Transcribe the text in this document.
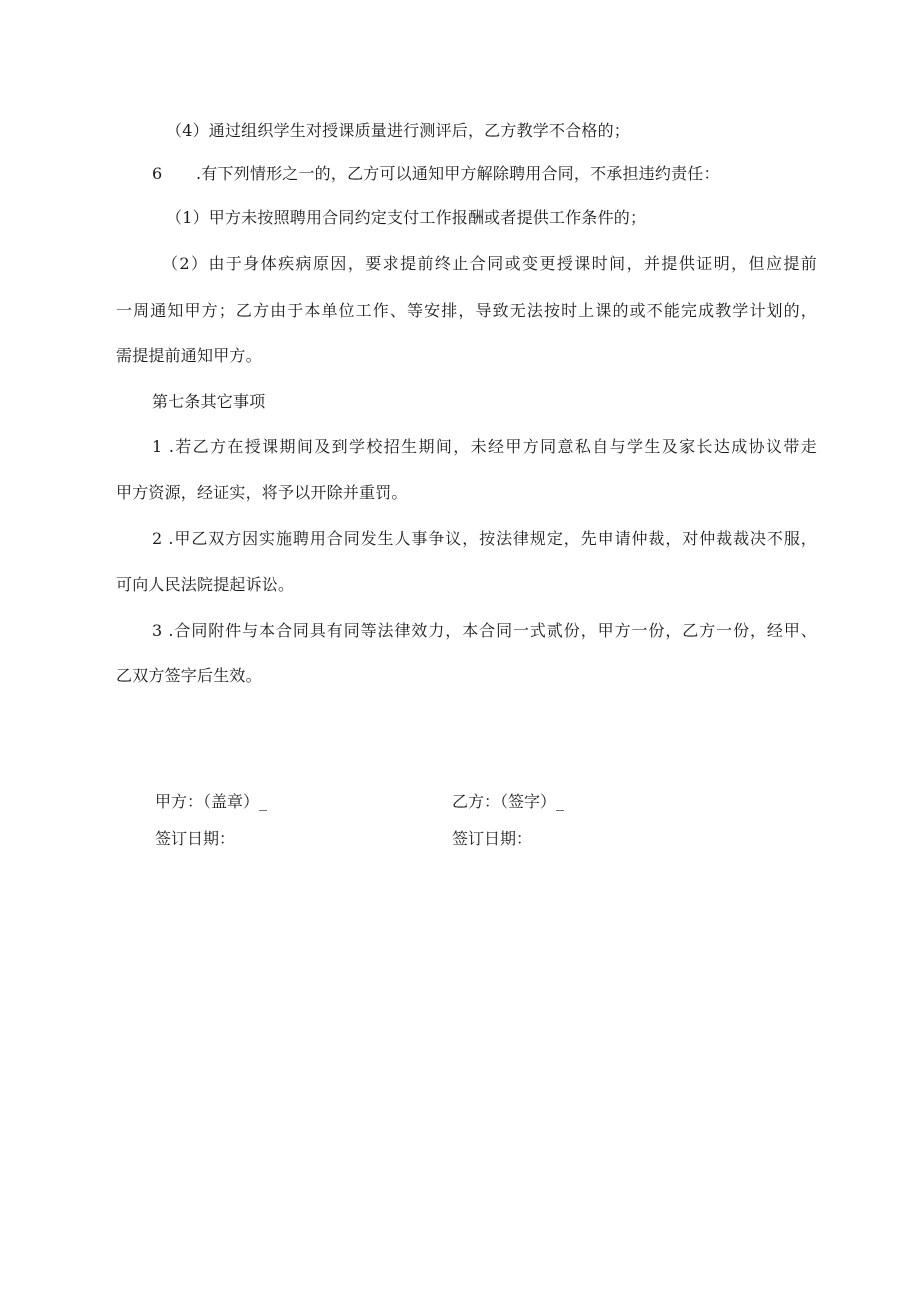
（4）通过组织学生对授课质量进行测评后，乙方教学不合格的；
6 .有下列情形之一的，乙方可以通知甲方解除聘用合同，不承担违约责任：
（1）甲方未按照聘用合同约定支付工作报酬或者提供工作条件的；
（2）由于身体疾病原因，要求提前终止合同或变更授课时间，并提供证明，但应提前
一周通知甲方；乙方由于本单位工作、等安排，导致无法按时上课的或不能完成教学计划的，
需提提前通知甲方。
第七条其它事项
1 .若乙方在授课期间及到学校招生期间，未经甲方同意私自与学生及家长达成协议带走
甲方资源，经证实，将予以开除并重罚。
2 .甲乙双方因实施聘用合同发生人事争议，按法律规定，先申请仲裁，对仲裁裁决不服，
可向人民法院提起诉讼。
3 .合同附件与本合同具有同等法律效力，本合同一式贰份，甲方一份，乙方一份，经甲、
乙双方签字后生效。
甲方：（盖章）_	乙方：（签字）_
签订日期：	签订日期：
